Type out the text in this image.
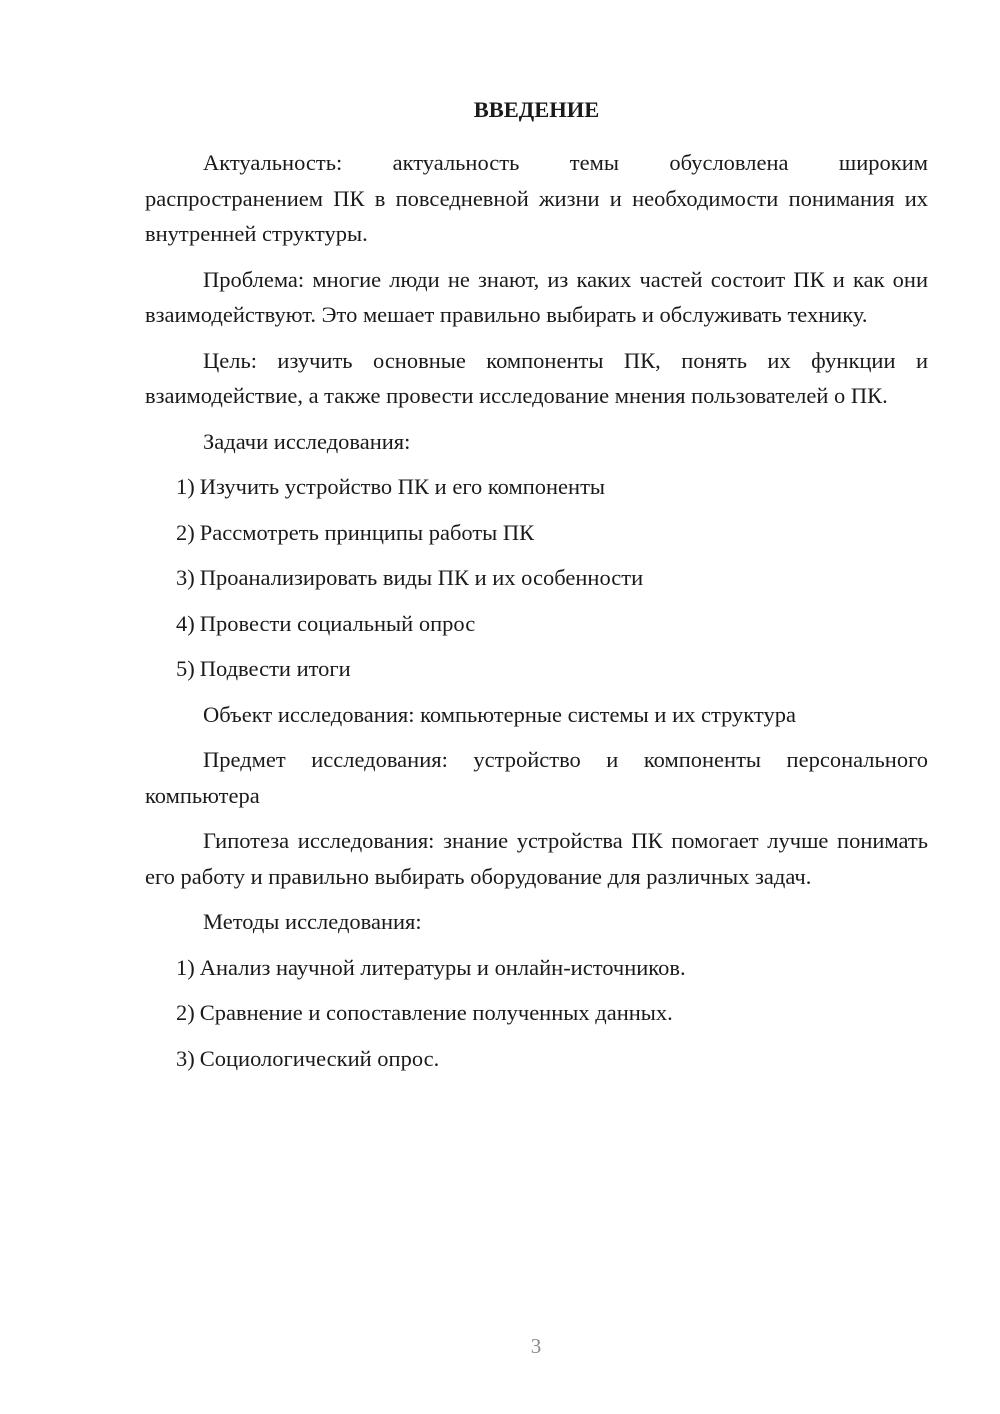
ВВЕДЕНИЕ

Актуальность: актуальность темы обусловлена широким распространением ПК в повседневной жизни и необходимости понимания их внутренней структуры.

Проблема: многие люди не знают, из каких частей состоит ПК и как они взаимодействуют. Это мешает правильно выбирать и обслуживать технику.

Цель: изучить основные компоненты ПК, понять их функции и взаимодействие, а также провести исследование мнения пользователей о ПК.

Задачи исследования:

1) Изучить устройство ПК и его компоненты
2) Рассмотреть принципы работы ПК
3) Проанализировать виды ПК и их особенности
4) Провести социальный опрос
5) Подвести итоги

Объект исследования: компьютерные системы и их структура

Предмет исследования: устройство и компоненты персонального компьютера

Гипотеза исследования: знание устройства ПК помогает лучше понимать его работу и правильно выбирать оборудование для различных задач.

Методы исследования:

1) Анализ научной литературы и онлайн-источников.
2) Сравнение и сопоставление полученных данных.
3) Социологический опрос.
3
